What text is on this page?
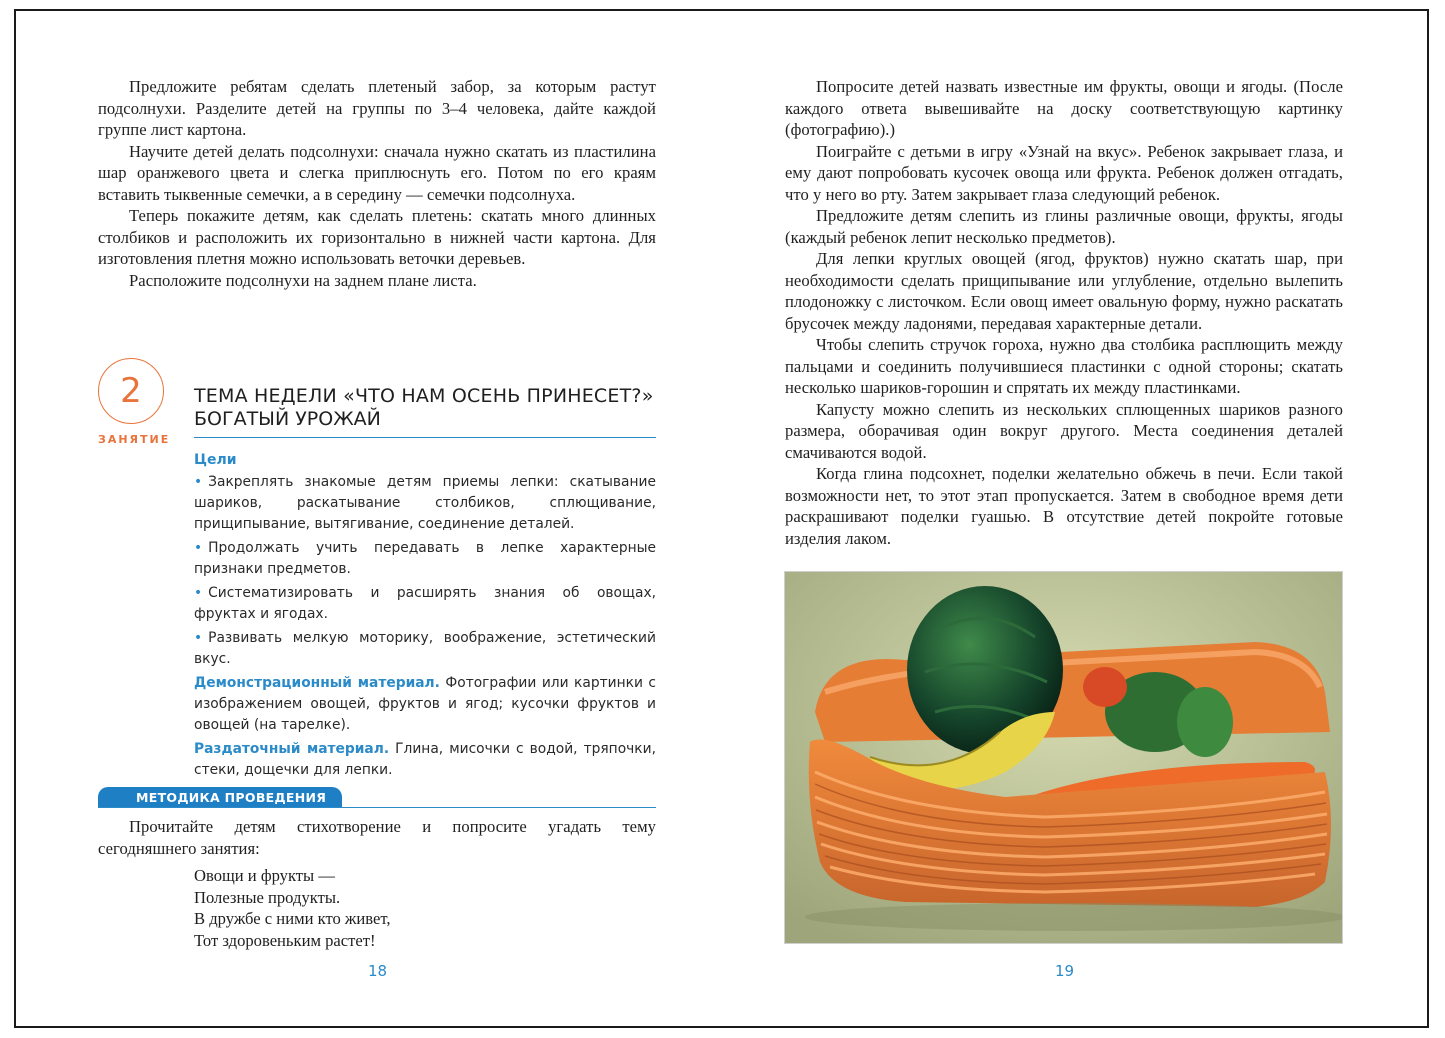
Предложите ребятам сделать плетеный забор, за которым растут подсолнухи. Разделите детей на группы по 3–4 человека, дайте каждой группе лист картона.

Научите детей делать подсолнухи: сначала нужно скатать из пластилина шар оранжевого цвета и слегка приплюснуть его. Потом по его краям вставить тыквенные семечки, а в середину — семечки подсолнуха.

Теперь покажите детям, как сделать плетень: скатать много длинных столбиков и расположить их горизонтально в нижней части картона. Для изготовления плетня можно использовать веточки деревьев.

Расположите подсолнухи на заднем плане листа.

2
ЗАНЯТИЕ
ТЕМА НЕДЕЛИ «ЧТО НАМ ОСЕНЬ ПРИНЕСЕТ?»
БОГАТЫЙ УРОЖАЙ
Цели
• Закреплять знакомые детям приемы лепки: скатывание шариков, раскатывание столбиков, сплющивание, прищипывание, вытягивание, соединение деталей.
• Продолжать учить передавать в лепке характерные признаки предметов.
• Систематизировать и расширять знания об овощах, фруктах и ягодах.
• Развивать мелкую моторику, воображение, эстетический вкус.
Демонстрационный материал. Фотографии или картинки с изображением овощей, фруктов и ягод; кусочки фруктов и овощей (на тарелке).
Раздаточный материал. Глина, мисочки с водой, тряпочки, стеки, дощечки для лепки.
МЕТОДИКА ПРОВЕДЕНИЯ

Прочитайте детям стихотворение и попросите угадать тему сегодняшнего занятия:

Овощи и фрукты —
Полезные продукты.
В дружбе с ними кто живет,
Тот здоровеньким растет!
18

Попросите детей назвать известные им фрукты, овощи и ягоды. (После каждого ответа вывешивайте на доску соответствующую картинку (фотографию).)

Поиграйте с детьми в игру «Узнай на вкус». Ребенок закрывает глаза, и ему дают попробовать кусочек овоща или фрукта. Ребенок должен отгадать, что у него во рту. Затем закрывает глаза следующий ребенок.

Предложите детям слепить из глины различные овощи, фрукты, ягоды (каждый ребенок лепит несколько предметов).

Для лепки круглых овощей (ягод, фруктов) нужно скатать шар, при необходимости сделать прищипывание или углубление, отдельно вылепить плодоножку с листочком. Если овощ имеет овальную форму, нужно раскатать брусочек между ладонями, передавая характерные детали.

Чтобы слепить стручок гороха, нужно два столбика расплющить между пальцами и соединить получившиеся пластинки с одной стороны; скатать несколько шариков-горошин и спрятать их между пластинками.

Капусту можно слепить из нескольких сплющенных шариков разного размера, оборачивая один вокруг другого. Места соединения деталей смачиваются водой.

Когда глина подсохнет, поделки желательно обжечь в печи. Если такой возможности нет, то этот этап пропускается. Затем в свободное время дети раскрашивают поделки гуашью. В отсутствие детей покройте готовые изделия лаком.

19
